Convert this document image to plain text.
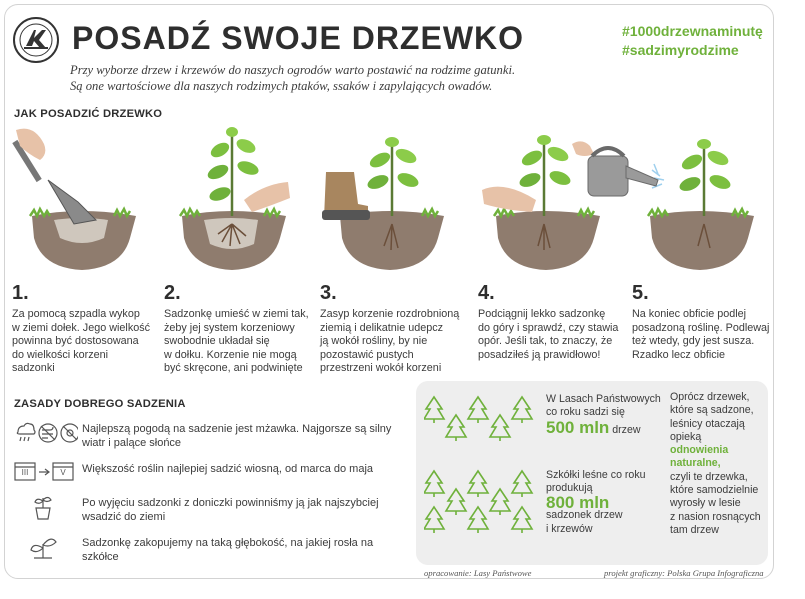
POSADŹ SWOJE DRZEWKO	#1000drzewnaminutę
#sadzimyrodzime
Przy wyborze drzew i krzewów do naszych ogrodów warto postawić na rodzime gatunki.
Są one wartościowe dla naszych rodzimych ptaków, ssaków i zapylających owadów.
JAK POSADZIĆ DRZEWKO
1.
Za pomocą szpadla wykop
w ziemi dołek. Jego wielkość
powinna być dostosowana
do wielkości korzeni
sadzonki
2.
Sadzonkę umieść w ziemi tak,
żeby jej system korzeniowy
swobodnie układał się
w dołku. Korzenie nie mogą
być skręcone, ani podwinięte
3.
Zasyp korzenie rozdrobnioną
ziemią i delikatnie udepcz
ją wokół rośliny, by nie
pozostawić pustych
przestrzeni wokół korzeni
4.
Podciągnij lekko sadzonkę
do góry i sprawdź, czy stawia
opór. Jeśli tak, to znaczy, że
posadziłeś ją prawidłowo!
5.
Na koniec obficie podlej
posadzoną roślinę. Podlewaj
też wtedy, gdy jest susza.
Rzadko lecz obficie
ZASADY DOBREGO SADZENIA
Najlepszą pogodą na sadzenie jest mżawka. Najgorsze są silny
wiatr i palące słońce
III	V	Większość roślin najlepiej sadzić wiosną, od marca do maja
Po wyjęciu sadzonki z doniczki powinniśmy ją jak najszybciej
wsadzić do ziemi
Sadzonkę zakopujemy na taką głębokość, na jakiej rosła na szkółce
W Lasach Państwowych
co roku sadzi się
500 mln drzew
Szkółki leśne co roku
produkują
800 mln
sadzonek drzew
i krzewów
Oprócz drzewek,
które są sadzone,
leśnicy otaczają
opieką
odnowienia
naturalne,
czyli te drzewka,
które samodzielnie
wyrosły w lesie
z nasion rosnących
tam drzew
opracowanie: Lasy Państwowe	projekt graficzny: Polska Grupa Infograficzna
